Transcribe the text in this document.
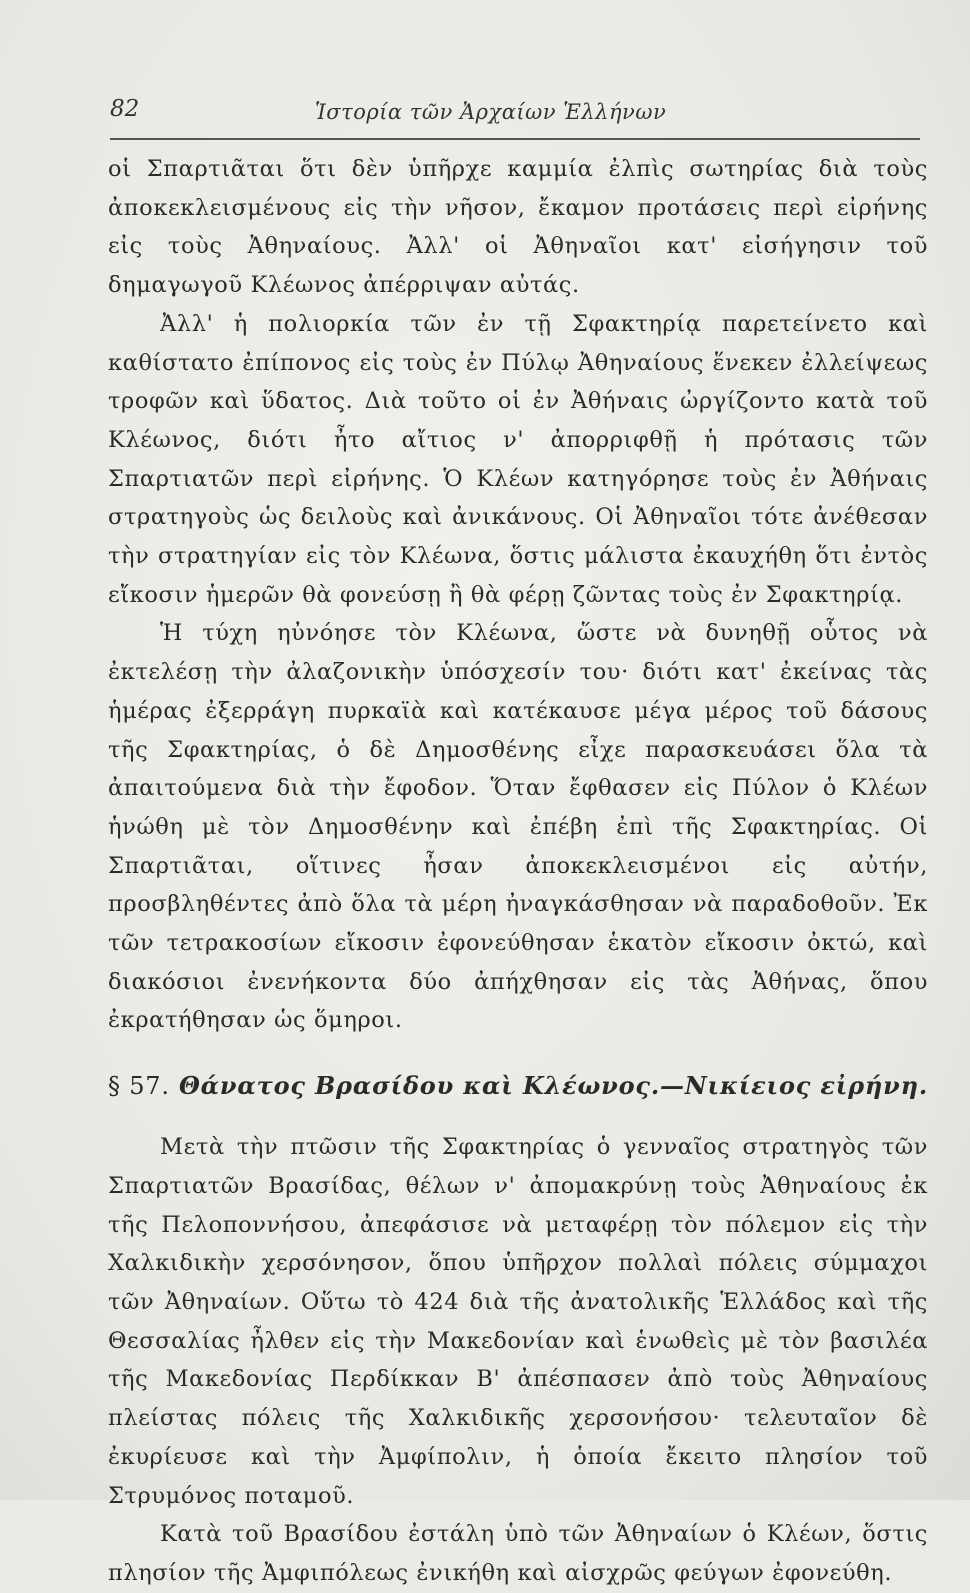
82	Ἱστορία τῶν Ἀρχαίων Ἑλλήνων

οἱ Σπαρτιᾶται ὅτι δὲν ὑπῆρχε καμμία ἐλπὶς σωτηρίας διὰ τοὺς ἀποκεκλεισμένους εἰς τὴν νῆσον, ἔκαμον προτάσεις περὶ εἰρήνης εἰς τοὺς Ἀθηναίους. Ἀλλ' οἱ Ἀθηναῖοι κατ' εἰσήγησιν τοῦ δημαγωγοῦ Κλέωνος ἀπέρριψαν αὐτάς.

Ἀλλ' ἡ πολιορκία τῶν ἐν τῇ Σφακτηρίᾳ παρετείνετο καὶ καθίστατο ἐπίπονος εἰς τοὺς ἐν Πύλῳ Ἀθηναίους ἕνεκεν ἐλλείψεως τροφῶν καὶ ὕδατος. Διὰ τοῦτο οἱ ἐν Ἀθήναις ὠργίζοντο κατὰ τοῦ Κλέωνος, διότι ἦτο αἴτιος ν' ἀπορριφθῇ ἡ πρότασις τῶν Σπαρτιατῶν περὶ εἰρήνης. Ὁ Κλέων κατηγόρησε τοὺς ἐν Ἀθήναις στρατηγοὺς ὡς δειλοὺς καὶ ἀνικάνους. Οἱ Ἀθηναῖοι τότε ἀνέθεσαν τὴν στρατηγίαν εἰς τὸν Κλέωνα, ὅστις μάλιστα ἐκαυχήθη ὅτι ἐντὸς εἴκοσιν ἡμερῶν θὰ φονεύσῃ ἢ θὰ φέρῃ ζῶντας τοὺς ἐν Σφακτηρίᾳ.

Ἡ τύχη ηὐνόησε τὸν Κλέωνα, ὥστε νὰ δυνηθῇ οὗτος νὰ ἐκτελέσῃ τὴν ἀλαζονικὴν ὑπόσχεσίν του· διότι κατ' ἐκείνας τὰς ἡμέρας ἐξερράγη πυρκαϊὰ καὶ κατέκαυσε μέγα μέρος τοῦ δάσους τῆς Σφακτηρίας, ὁ δὲ Δημοσθένης εἶχε παρασκευάσει ὅλα τὰ ἀπαιτούμενα διὰ τὴν ἔφοδον. Ὅταν ἔφθασεν εἰς Πύλον ὁ Κλέων ἡνώθη μὲ τὸν Δημοσθένην καὶ ἐπέβη ἐπὶ τῆς Σφακτηρίας. Οἱ Σπαρτιᾶται, οἵτινες ἦσαν ἀποκεκλεισμένοι εἰς αὐτήν, προσβληθέντες ἀπὸ ὅλα τὰ μέρη ἠναγκάσθησαν νὰ παραδοθοῦν. Ἐκ τῶν τετρακοσίων εἴκοσιν ἐφονεύθησαν ἑκατὸν εἴκοσιν ὀκτώ, καὶ διακόσιοι ἐνενήκοντα δύο ἀπήχθησαν εἰς τὰς Ἀθήνας, ὅπου ἐκρατήθησαν ὡς ὅμηροι.

§ 57. Θάνατος Βρασίδου καὶ Κλέωνος.—Νικίειος εἰρήνη.

Μετὰ τὴν πτῶσιν τῆς Σφακτηρίας ὁ γενναῖος στρατηγὸς τῶν Σπαρτιατῶν Βρασίδας, θέλων ν' ἀπομακρύνῃ τοὺς Ἀθηναίους ἐκ τῆς Πελοποννήσου, ἀπεφάσισε νὰ μεταφέρῃ τὸν πόλεμον εἰς τὴν Χαλκιδικὴν χερσόνησον, ὅπου ὑπῆρχον πολλαὶ πόλεις σύμμαχοι τῶν Ἀθηναίων. Οὕτω τὸ 424 διὰ τῆς ἀνατολικῆς Ἑλλάδος καὶ τῆς Θεσσαλίας ἦλθεν εἰς τὴν Μακεδονίαν καὶ ἑνωθεὶς μὲ τὸν βασιλέα τῆς Μακεδονίας Περδίκκαν Β' ἀπέσπασεν ἀπὸ τοὺς Ἀθηναίους πλείστας πόλεις τῆς Χαλκιδικῆς χερσονήσου· τελευταῖον δὲ ἐκυρίευσε καὶ τὴν Ἀμφίπολιν, ἡ ὁποία ἔκειτο πλησίον τοῦ Στρυμόνος ποταμοῦ.

Κατὰ τοῦ Βρασίδου ἐστάλη ὑπὸ τῶν Ἀθηναίων ὁ Κλέων, ὅστις πλησίον τῆς Ἀμφιπόλεως ἐνικήθη καὶ αἰσχρῶς φεύγων ἐφονεύθη.
